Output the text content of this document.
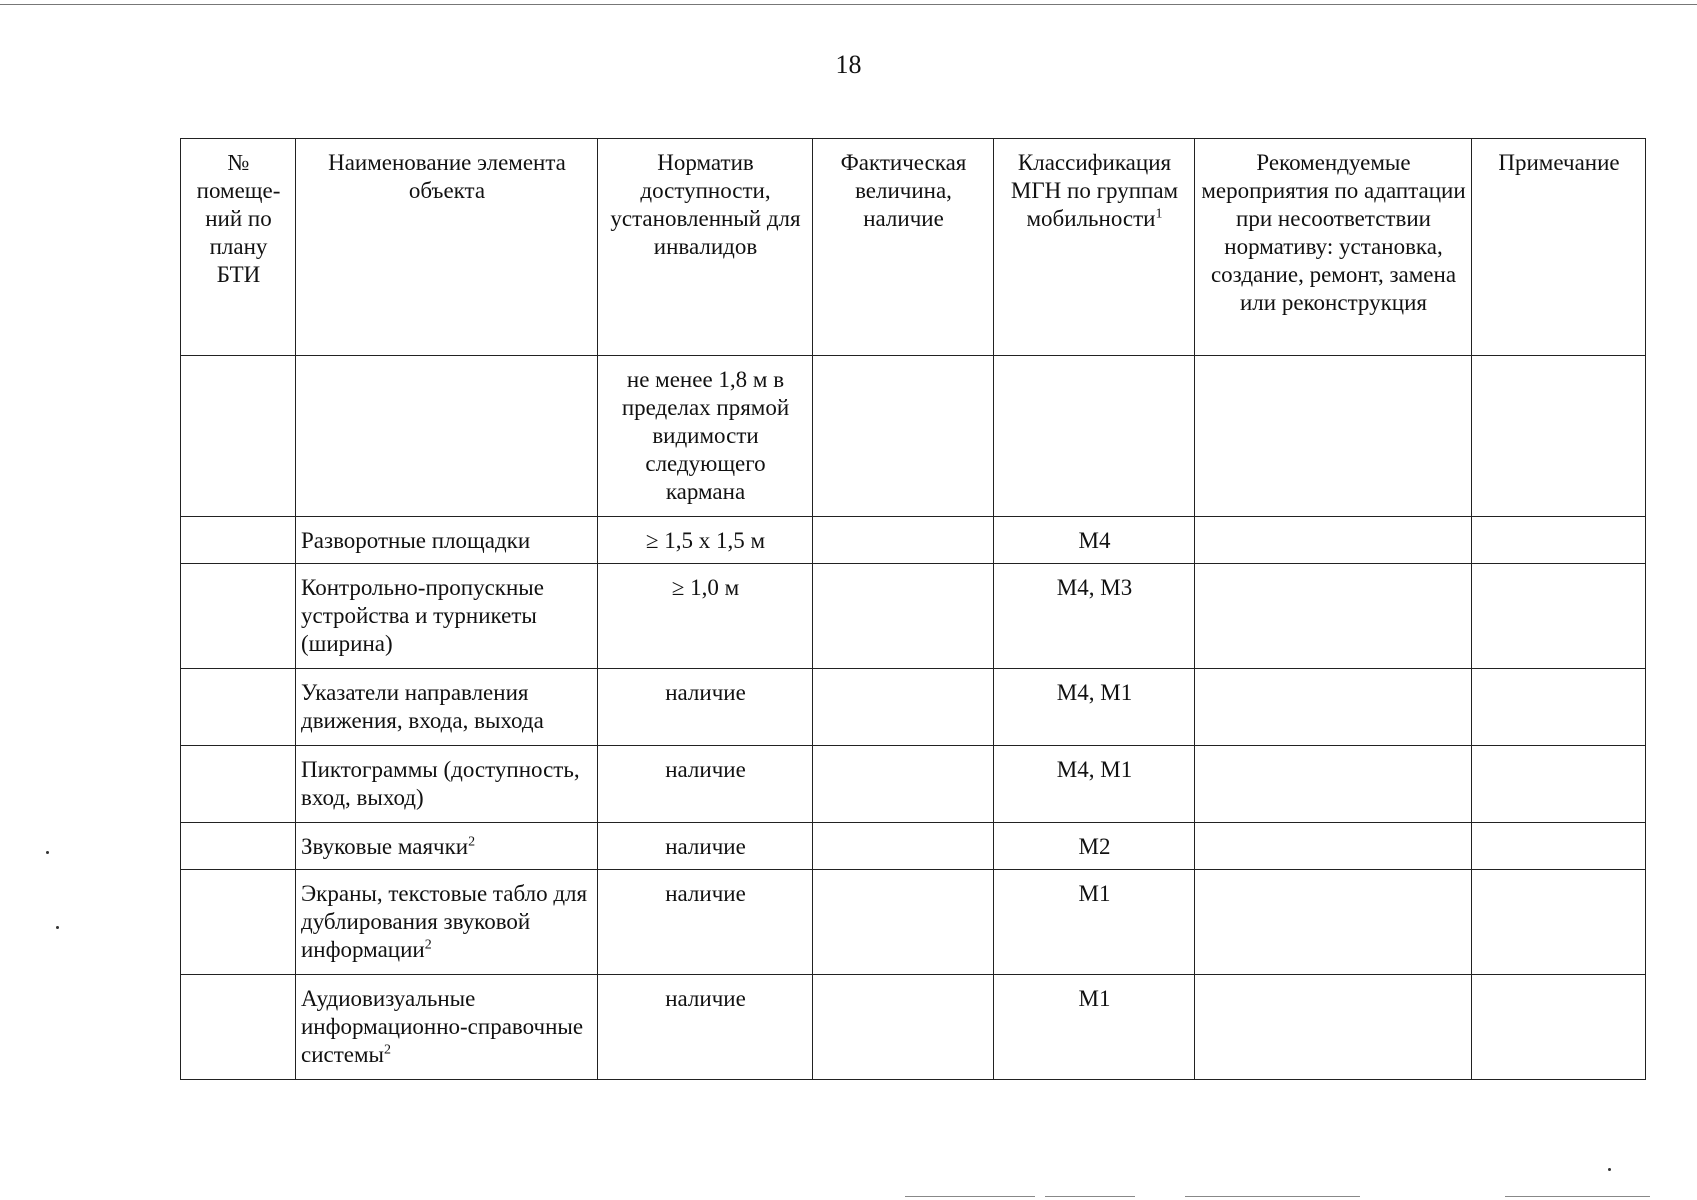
18
№ помеще-ний по плану БТИ	Наименование элемента объекта	Норматив доступности, установленный для инвалидов	Фактическая величина, наличие	Классификация МГН по группам мобильности$^1$	Рекомендуемые мероприятия по адаптации при несоответствии нормативу: установка, создание, ремонт, замена или реконструкция	Примечание
		не менее 1,8 м в пределах прямой видимости следующего кармана				
	Разворотные площадки	≥ 1,5 х 1,5 м		М4		
	Контрольно-пропускные устройства и турникеты (ширина)	≥ 1,0 м		М4, М3		
	Указатели направления движения, входа, выхода	наличие		М4, М1		
	Пиктограммы (доступность, вход, выход)	наличие		М4, М1		
	Звуковые маячки$^2$	наличие		М2		
	Экраны, текстовые табло для дублирования звуковой информации$^2$	наличие		М1		
	Аудиовизуальные информационно-справочные системы$^2$	наличие		М1		
